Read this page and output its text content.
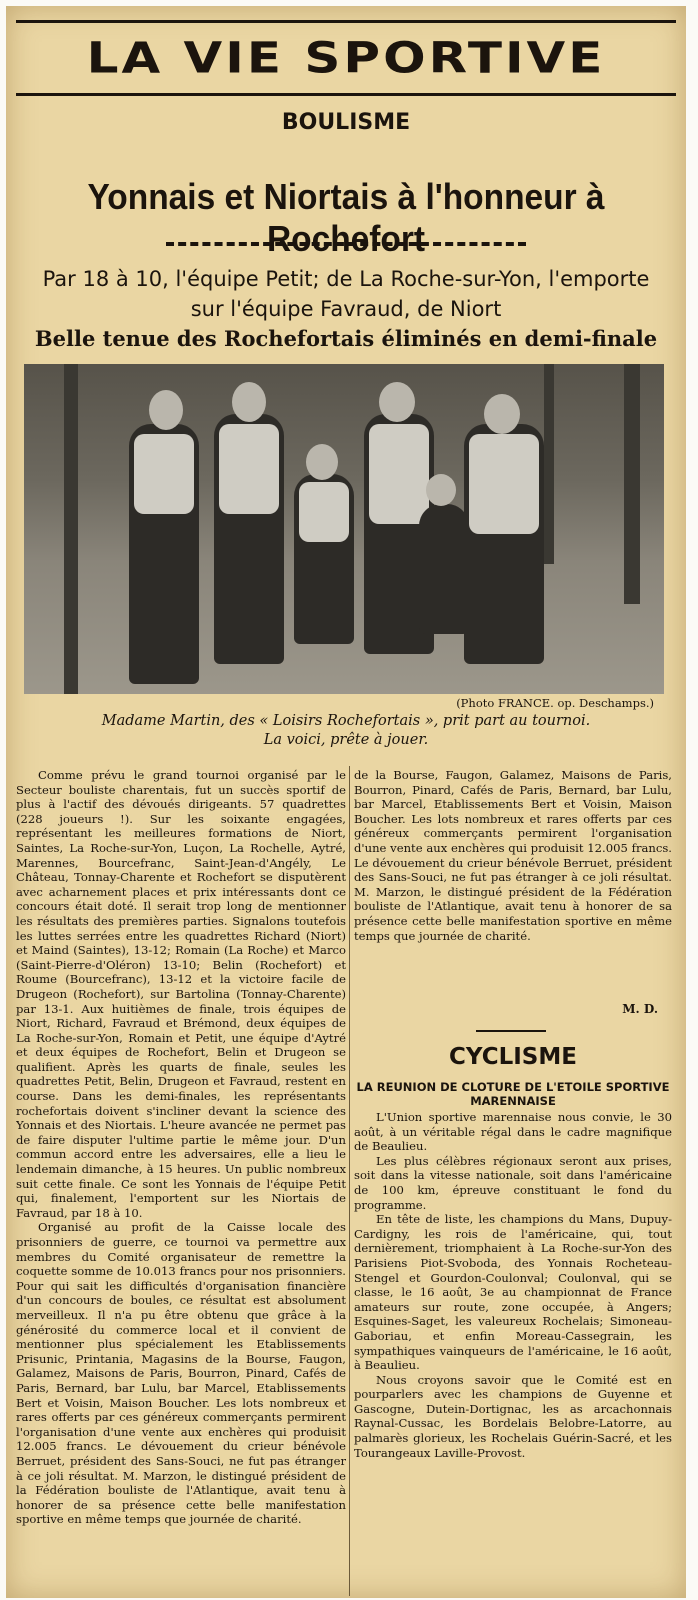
LA VIE SPORTIVE
BOULISME
Yonnais et Niortais à l'honneur à Rochefort
Par 18 à 10, l'équipe Petit; de La Roche-sur-Yon, l'emporte
sur l'équipe Favraud, de Niort
Belle tenue des Rochefortais éliminés en demi-finale
(Photo FRANCE. op. Deschamps.)
Madame Martin, des « Loisirs Rochefortais », prit part au tournoi.
La voici, prête à jouer.

Comme prévu le grand tournoi organisé par le Secteur bouliste charentais, fut un succès sportif de plus à l'actif des dévoués dirigeants. 57 quadrettes (228 joueurs !). Sur les soixante engagées, représentant les meilleures formations de Niort, Saintes, La Roche-sur-Yon, Luçon, La Rochelle, Aytré, Marennes, Bourcefranc, Saint-Jean-d'Angély, Le Château, Tonnay-Charente et Rochefort se disputèrent avec acharnement places et prix intéressants dont ce concours était doté. Il serait trop long de mentionner les résultats des premières parties. Signalons toutefois les luttes serrées entre les quadrettes Richard (Niort) et Maind (Saintes), 13-12; Romain (La Roche) et Marco (Saint-Pierre-d'Oléron) 13-10; Belin (Rochefort) et Roume (Bourcefranc), 13-12 et la victoire facile de Drugeon (Rochefort), sur Bartolina (Tonnay-Charente) par 13-1. Aux huitièmes de finale, trois équipes de Niort, Richard, Favraud et Brémond, deux équipes de La Roche-sur-Yon, Romain et Petit, une équipe d'Aytré et deux équipes de Rochefort, Belin et Drugeon se qualifient. Après les quarts de finale, seules les quadrettes Petit, Belin, Drugeon et Favraud, restent en course. Dans les demi-finales, les représentants rochefortais doivent s'incliner devant la science des Yonnais et des Niortais. L'heure avancée ne permet pas de faire disputer l'ultime partie le même jour. D'un commun accord entre les adversaires, elle a lieu le lendemain dimanche, à 15 heures. Un public nombreux suit cette finale. Ce sont les Yonnais de l'équipe Petit qui, finalement, l'emportent sur les Niortais de Favraud, par 18 à 10.

Organisé au profit de la Caisse locale des prisonniers de guerre, ce tournoi va permettre aux membres du Comité organisateur de remettre la coquette somme de 10.013 francs pour nos prisonniers. Pour qui sait les difficultés d'organisation financière d'un concours de boules, ce résultat est absolument merveilleux. Il n'a pu être obtenu que grâce à la générosité du commerce local et il convient de mentionner plus spécialement les Etablissements Prisunic, Printania, Magasins de la Bourse, Faugon, Galamez, Maisons de Paris, Bourron, Pinard, Cafés de Paris, Bernard, bar Lulu, bar Marcel, Etablissements Bert et Voisin, Maison Boucher. Les lots nombreux et rares offerts par ces généreux commerçants permirent l'organisation d'une vente aux enchères qui produisit 12.005 francs. Le dévouement du crieur bénévole Berruet, président des Sans-Souci, ne fut pas étranger à ce joli résultat. M. Marzon, le distingué président de la Fédération bouliste de l'Atlantique, avait tenu à honorer de sa présence cette belle manifestation sportive en même temps que journée de charité.

de la Bourse, Faugon, Galamez, Maisons de Paris, Bourron, Pinard, Cafés de Paris, Bernard, bar Lulu, bar Marcel, Etablissements Bert et Voisin, Maison Boucher. Les lots nombreux et rares offerts par ces généreux commerçants permirent l'organisation d'une vente aux enchères qui produisit 12.005 francs. Le dévouement du crieur bénévole Berruet, président des Sans-Souci, ne fut pas étranger à ce joli résultat. M. Marzon, le distingué président de la Fédération bouliste de l'Atlantique, avait tenu à honorer de sa présence cette belle manifestation sportive en même temps que journée de charité.

M. D.
CYCLISME
LA REUNION DE CLOTURE DE L'ETOILE SPORTIVE MARENNAISE

L'Union sportive marennaise nous convie, le 30 août, à un véritable régal dans le cadre magnifique de Beaulieu.

Les plus célèbres régionaux seront aux prises, soit dans la vitesse nationale, soit dans l'américaine de 100 km, épreuve constituant le fond du programme.

En tête de liste, les champions du Mans, Dupuy-Cardigny, les rois de l'américaine, qui, tout dernièrement, triomphaient à La Roche-sur-Yon des Parisiens Piot-Svoboda, des Yonnais Rocheteau-Stengel et Gourdon-Coulonval; Coulonval, qui se classe, le 16 août, 3e au championnat de France amateurs sur route, zone occupée, à Angers; Esquines-Saget, les valeureux Rochelais; Simoneau-Gaboriau, et enfin Moreau-Cassegrain, les sympathiques vainqueurs de l'américaine, le 16 août, à Beaulieu.

Nous croyons savoir que le Comité est en pourparlers avec les champions de Guyenne et Gascogne, Dutein-Dortignac, les as arcachonnais Raynal-Cussac, les Bordelais Belobre-Latorre, au palmarès glorieux, les Rochelais Guérin-Sacré, et les Tourangeaux Laville-Provost.
